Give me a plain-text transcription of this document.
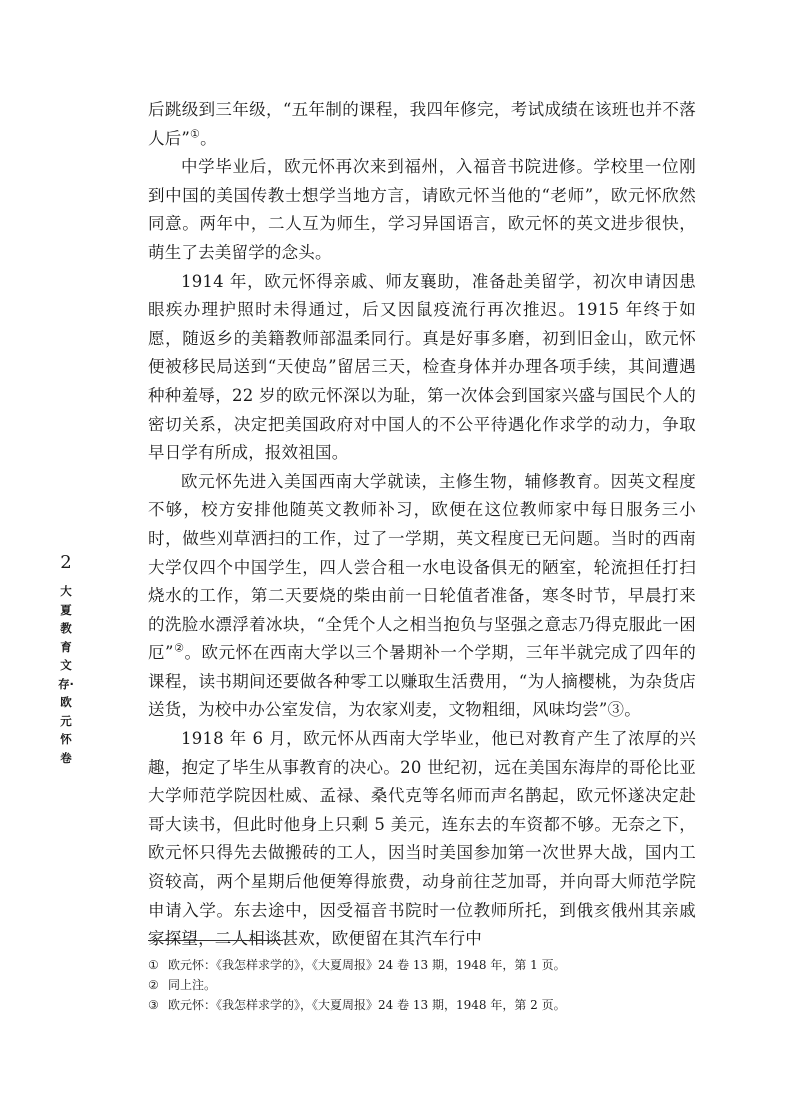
2
大夏教育文存·欧元怀卷

后跳级到三年级，“五年制的课程，我四年修完，考试成绩在该班也并不落人后”①。

中学毕业后，欧元怀再次来到福州，入福音书院进修。学校里一位刚到中国的美国传教士想学当地方言，请欧元怀当他的“老师”，欧元怀欣然同意。两年中，二人互为师生，学习异国语言，欧元怀的英文进步很快，萌生了去美留学的念头。

1914 年，欧元怀得亲戚、师友襄助，准备赴美留学，初次申请因患眼疾办理护照时未得通过，后又因鼠疫流行再次推迟。1915 年终于如愿，随返乡的美籍教师部温柔同行。真是好事多磨，初到旧金山，欧元怀便被移民局送到“天使岛”留居三天，检查身体并办理各项手续，其间遭遇种种羞辱，22 岁的欧元怀深以为耻，第一次体会到国家兴盛与国民个人的密切关系，决定把美国政府对中国人的不公平待遇化作求学的动力，争取早日学有所成，报效祖国。

欧元怀先进入美国西南大学就读，主修生物，辅修教育。因英文程度不够，校方安排他随英文教师补习，欧便在这位教师家中每日服务三小时，做些刈草洒扫的工作，过了一学期，英文程度已无问题。当时的西南大学仅四个中国学生，四人尝合租一水电设备俱无的陋室，轮流担任打扫烧水的工作，第二天要烧的柴由前一日轮值者准备，寒冬时节，早晨打来的洗脸水漂浮着冰块，“全凭个人之相当抱负与坚强之意志乃得克服此一困厄”②。欧元怀在西南大学以三个暑期补一个学期，三年半就完成了四年的课程，读书期间还要做各种零工以赚取生活费用，“为人摘樱桃，为杂货店送货，为校中办公室发信，为农家刈麦，文物粗细，风味均尝”③。

1918 年 6 月，欧元怀从西南大学毕业，他已对教育产生了浓厚的兴趣，抱定了毕生从事教育的决心。20 世纪初，远在美国东海岸的哥伦比亚大学师范学院因杜威、孟禄、桑代克等名师而声名鹊起，欧元怀遂决定赴哥大读书，但此时他身上只剩 5 美元，连东去的车资都不够。无奈之下，欧元怀只得先去做搬砖的工人，因当时美国参加第一次世界大战，国内工资较高，两个星期后他便筹得旅费，动身前往芝加哥，并向哥大师范学院申请入学。东去途中，因受福音书院时一位教师所托，到俄亥俄州其亲戚家探望，二人相谈甚欢，欧便留在其汽车行中

① 欧元怀：《我怎样求学的》，《大夏周报》24 卷 13 期，1948 年，第 1 页。
② 同上注。
③ 欧元怀：《我怎样求学的》，《大夏周报》24 卷 13 期，1948 年，第 2 页。
